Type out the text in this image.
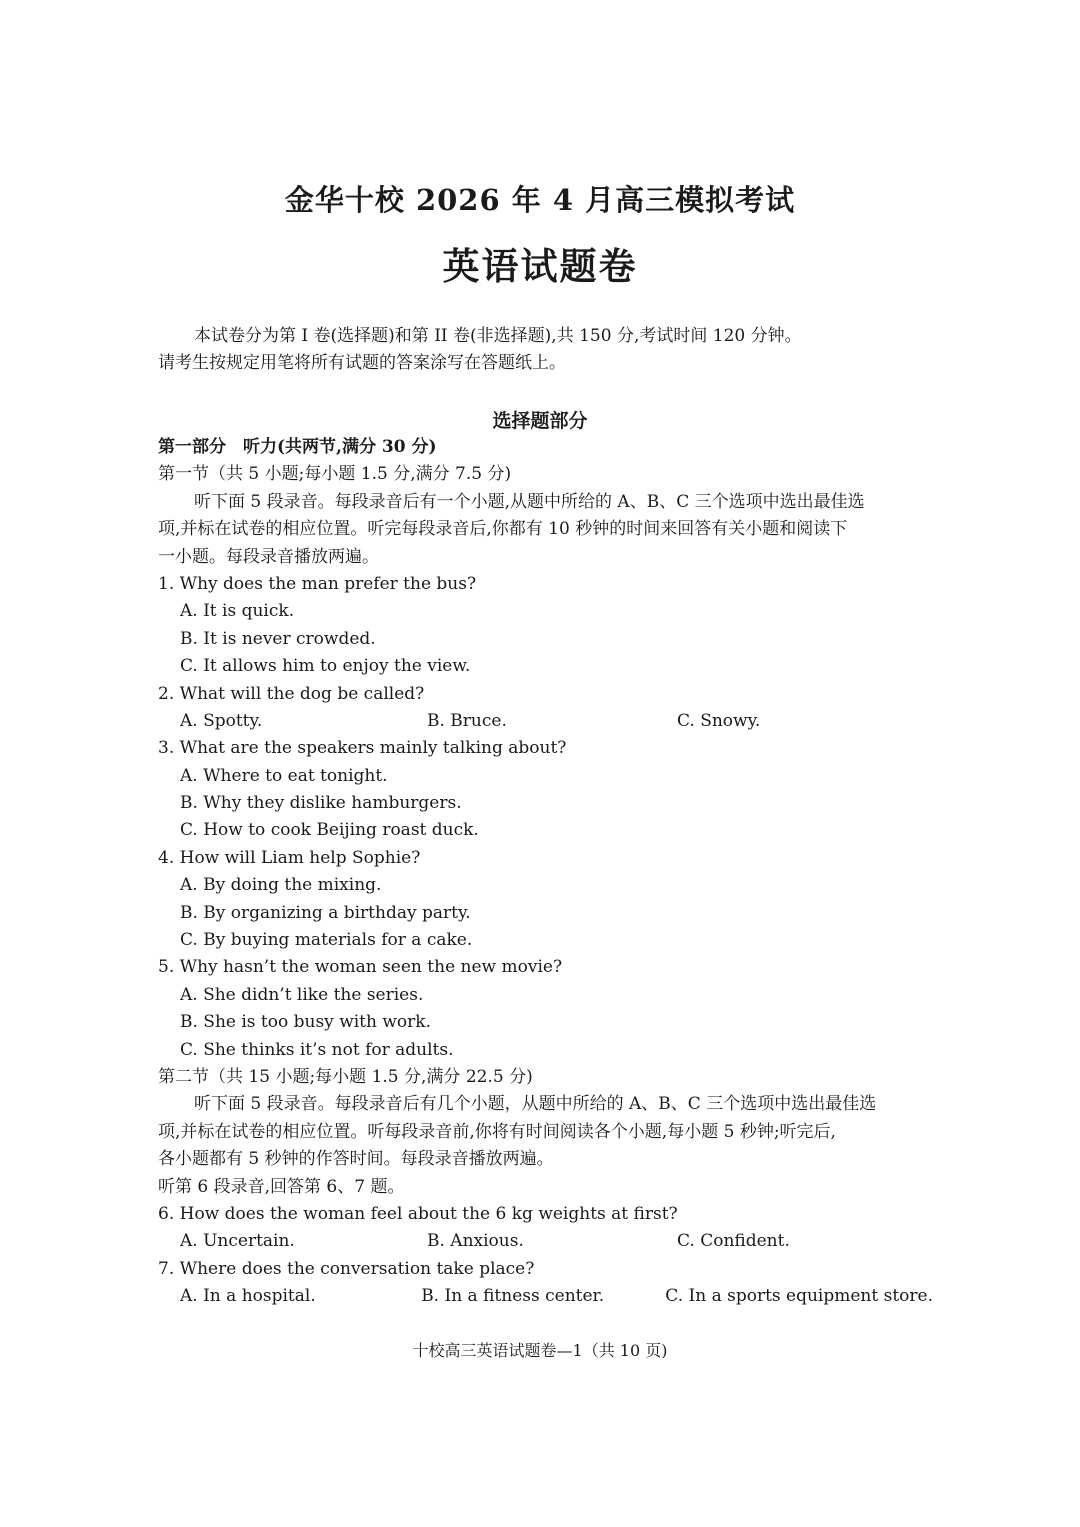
金华十校 2026 年 4 月高三模拟考试
英语试题卷

本试卷分为第 I 卷(选择题)和第 II 卷(非选择题),共 150 分,考试时间 120 分钟。

请考生按规定用笔将所有试题的答案涂写在答题纸上。

选择题部分
第一部分　听力(共两节,满分 30 分)
第一节（共 5 小题;每小题 1.5 分,满分 7.5 分)
听下面 5 段录音。每段录音后有一个小题,从题中所给的 A、B、C 三个选项中选出最佳选
项,并标在试卷的相应位置。听完每段录音后,你都有 10 秒钟的时间来回答有关小题和阅读下
一小题。每段录音播放两遍。
1. Why does the man prefer the bus?
A. It is quick.
B. It is never crowded.
C. It allows him to enjoy the view.
2. What will the dog be called?
A. Spotty.	B. Bruce.	C. Snowy.
3. What are the speakers mainly talking about?
A. Where to eat tonight.
B. Why they dislike hamburgers.
C. How to cook Beijing roast duck.
4. How will Liam help Sophie?
A. By doing the mixing.
B. By organizing a birthday party.
C. By buying materials for a cake.
5. Why hasn’t the woman seen the new movie?
A. She didn’t like the series.
B. She is too busy with work.
C. She thinks it’s not for adults.
第二节（共 15 小题;每小题 1.5 分,满分 22.5 分)
听下面 5 段录音。每段录音后有几个小题，从题中所给的 A、B、C 三个选项中选出最佳选
项,并标在试卷的相应位置。听每段录音前,你将有时间阅读各个小题,每小题 5 秒钟;听完后,
各小题都有 5 秒钟的作答时间。每段录音播放两遍。
听第 6 段录音,回答第 6、7 题。
6. How does the woman feel about the 6 kg weights at first?
A. Uncertain.	B. Anxious.	C. Confident.
7. Where does the conversation take place?
A. In a hospital.	B. In a fitness center.	C. In a sports equipment store.
十校高三英语试题卷—1（共 10 页)
